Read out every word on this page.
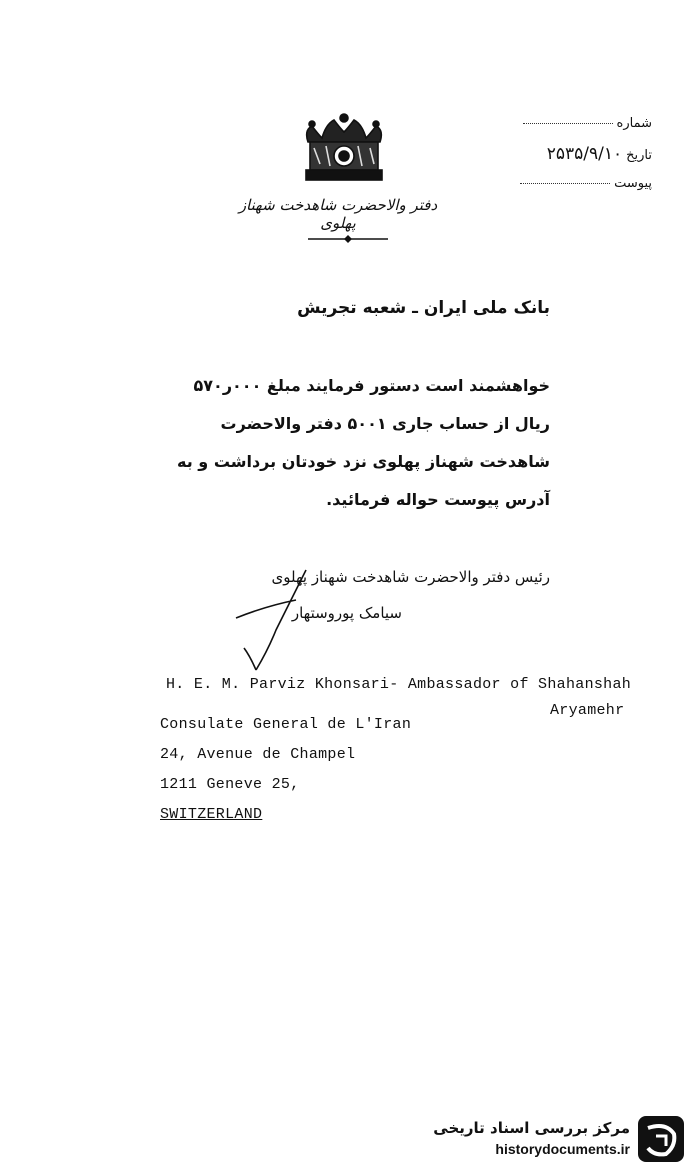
دفتر والاحضرت شاهدخت شهناز پهلوی
شماره
تاریخ۲۵۳۵/۹/۱۰
پیوست
بانک ملی ایران ـ شعبه تجریش
خواهشمند است دستور فرمایند مبلغ ۰۰۰ر۵۷۰
ریال از حساب جاری ۵۰۰۱ دفتر والاحضرت
شاهدخت شهناز پهلوی نزد خودتان برداشت و به
آدرس پیوست حواله فرمائید.
رئیس دفتر والاحضرت شاهدخت شهناز پهلوی
سیامک پوروستهار
H. E. M. Parviz Khonsari- Ambassador of Shahanshah
Aryamehr
Consulate General de L'Iran
24, Avenue de Champel
1211 Geneve 25,
SWITZERLAND
مرکز بررسی اسناد تاریخی
historydocuments.ir
